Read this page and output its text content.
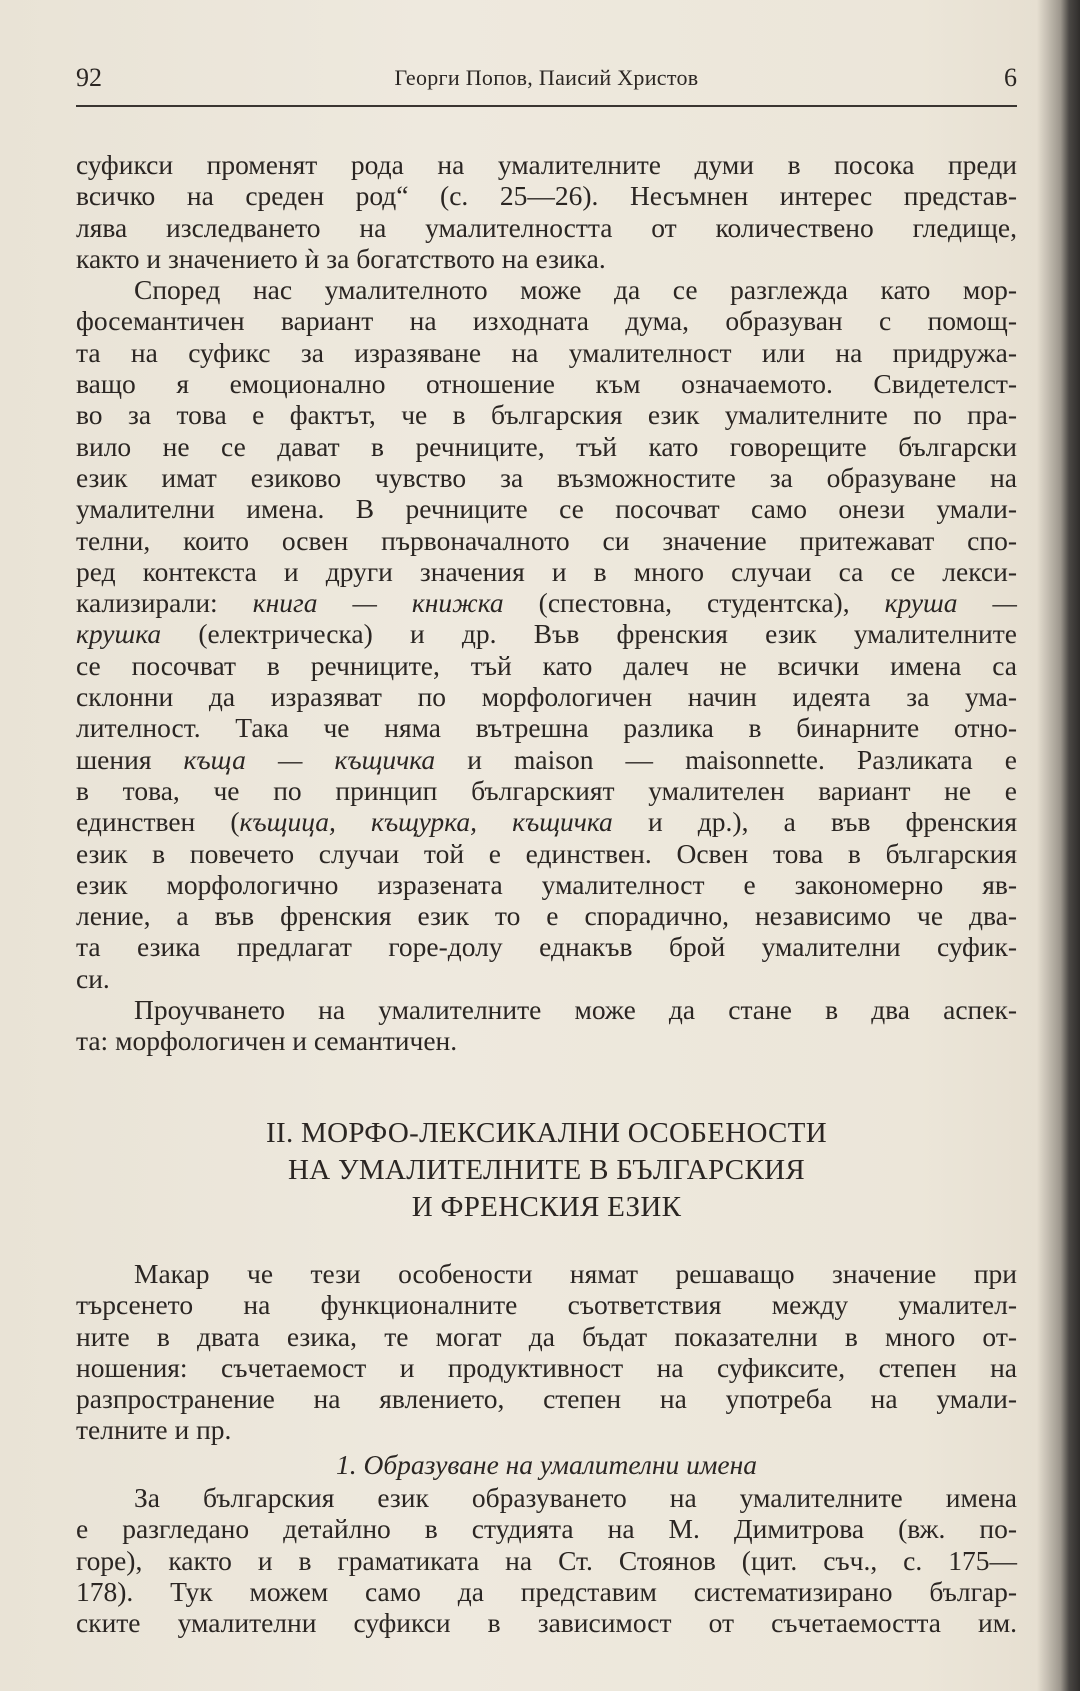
92	Георги Попов, Паисий Христов	6
суфикси променят рода на умалителните думи в посока преди
всичко на среден род“ (с. 25—26). Несъмнен интерес представ-
лява изследването на умалителността от количествено гледище,
както и значението ѝ за богатството на езика.
Според нас умалителното може да се разглежда като мор-
фосемантичен вариант на изходната дума, образуван с помощ-
та на суфикс за изразяване на умалителност или на придружа-
ващо я емоционално отношение към означаемото. Свидетелст-
во за това е фактът, че в българския език умалителните по пра-
вило не се дават в речниците, тъй като говорещите български
език имат езиково чувство за възможностите за образуване на
умалителни имена. В речниците се посочват само онези умали-
телни, които освен първоначалното си значение притежават спо-
ред контекста и други значения и в много случаи са се лекси-
кализирали: книга — книжка (спестовна, студентска), круша —
крушка (електрическа) и др. Във френския език умалителните
се посочват в речниците, тъй като далеч не всички имена са
склонни да изразяват по морфологичен начин идеята за ума-
лителност. Така че няма вътрешна разлика в бинарните отно-
шения къща — къщичка и maison — maisonnette. Разликата е
в това, че по принцип българският умалителен вариант не е
единствен (къщица, къщурка, къщичка и др.), а във френския
език в повечето случаи той е единствен. Освен това в българския
език морфологично изразената умалителност е закономерно яв-
ление, а във френския език то е спорадично, независимо че два-
та езика предлагат горе-долу еднакъв брой умалителни суфик-
си.
Проучването на умалителните може да стане в два аспек-
та: морфологичен и семантичен.
II. МОРФО-ЛЕКСИКАЛНИ ОСОБЕНОСТИ
НА УМАЛИТЕЛНИТЕ В БЪЛГАРСКИЯ
И ФРЕНСКИЯ ЕЗИК
Макар че тези особености нямат решаващо значение при
търсенето на функционалните съответствия между умалител-
ните в двата езика, те могат да бъдат показателни в много от-
ношения: съчетаемост и продуктивност на суфиксите, степен на
разпространение на явлението, степен на употреба на умали-
телните и пр.
1. Образуване на умалителни имена
За българския език образуването на умалителните имена
е разгледано детайлно в студията на М. Димитрова (вж. по-
горе), както и в граматиката на Ст. Стоянов (цит. съч., с. 175—
178). Тук можем само да представим систематизирано българ-
ските умалителни суфикси в зависимост от съчетаемостта им.
